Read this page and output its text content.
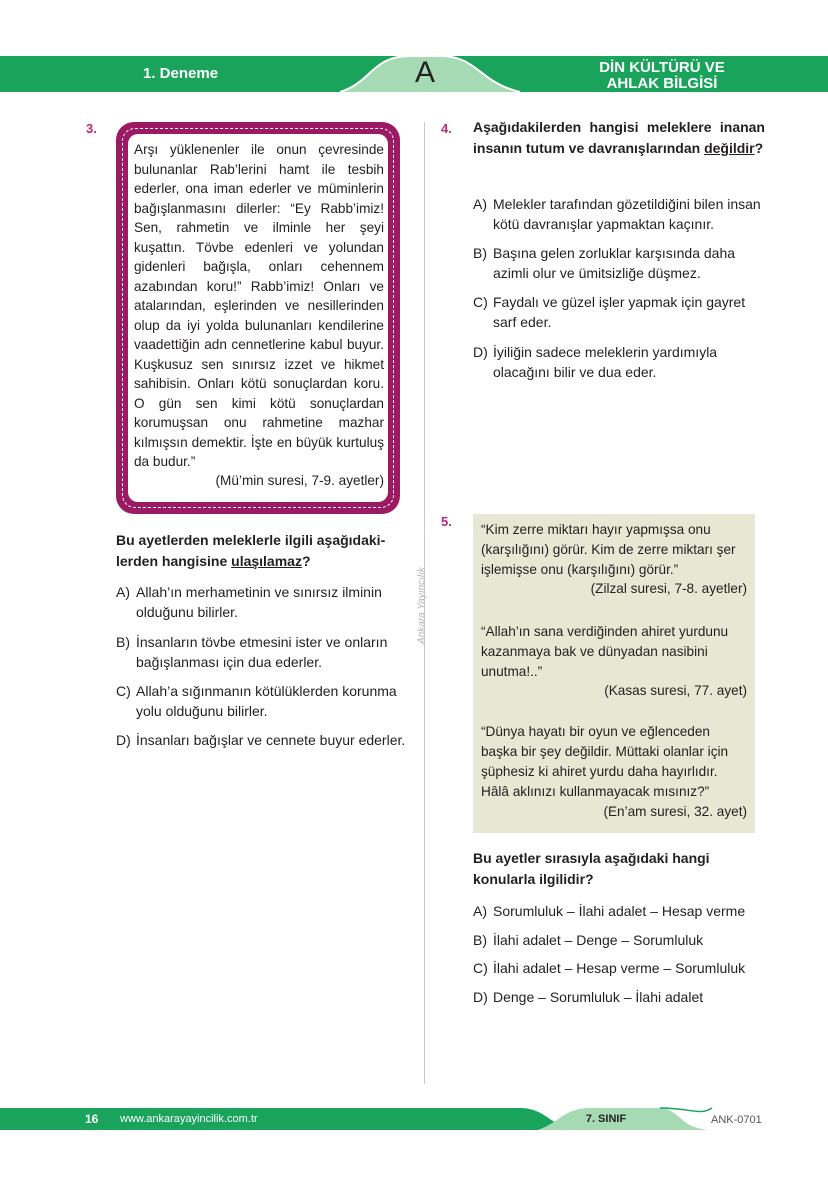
1. Deneme	A	DİN KÜLTÜRÜ VE
AHLAK BİLGİSİ
3.
Arşı yüklenenler ile onun çevresinde bulunanlar Rab’lerini hamt ile tesbih ederler, ona iman ederler ve müminlerin bağışlanmasını dilerler: “Ey Rabb’imiz! Sen, rahmetin ve ilminle her şeyi kuşattın. Tövbe edenleri ve yolundan gidenleri bağışla, onları cehennem azabından koru!” Rabb’imiz! Onları ve atalarından, eşlerinden ve nesillerinden olup da iyi yolda bulunanları kendilerine vaadettiğin adn cennetlerine kabul buyur. Kuşkusuz sen sınırsız izzet ve hikmet sahibisin. Onları kötü sonuçlardan koru. O gün sen kimi kötü sonuçlardan korumuşsan onu rahmetine mazhar kılmışsın demektir. İşte en büyük kurtuluş da budur.”
(Mü’min suresi, 7-9. ayetler)
Bu ayetlerden meleklerle ilgili aşağıdaki-
lerden hangisine ulaşılamaz?
A) Allah’ın merhametinin ve sınırsız ilminin olduğunu bilirler.
B) İnsanların tövbe etmesini ister ve onların bağışlanması için dua ederler.
C) Allah’a sığınmanın kötülüklerden korunma yolu olduğunu bilirler.
D) İnsanları bağışlar ve cennete buyur ederler.
Ankara Yayıncılık
4. Aşağıdakilerden hangisi meleklere inanan insanın tutum ve davranışlarından değildir?
A) Melekler tarafından gözetildiğini bilen insan kötü davranışlar yapmaktan kaçınır.
B) Başına gelen zorluklar karşısında daha azimli olur ve ümitsizliğe düşmez.
C) Faydalı ve güzel işler yapmak için gayret sarf eder.
D) İyiliğin sadece meleklerin yardımıyla olacağını bilir ve dua eder.
5.
“Kim zerre miktarı hayır yapmışsa onu (karşılığını) görür. Kim de zerre miktarı şer işlemişse onu (karşılığını) görür.”
(Zilzal suresi, 7-8. ayetler)
“Allah’ın sana verdiğinden ahiret yurdunu kazanmaya bak ve dünyadan nasibini unutma!..”
(Kasas suresi, 77. ayet)
“Dünya hayatı bir oyun ve eğlenceden başka bir şey değildir. Müttaki olanlar için şüphesiz ki ahiret yurdu daha hayırlıdır. Hâlâ aklınızı kullanmayacak mısınız?”
(En’am suresi, 32. ayet)
Bu ayetler sırasıyla aşağıdaki hangi konularla ilgilidir?
A) Sorumluluk – İlahi adalet – Hesap verme
B) İlahi adalet – Denge – Sorumluluk
C) İlahi adalet – Hesap verme – Sorumluluk
D) Denge – Sorumluluk – İlahi adalet
16 www.ankarayayincilik.com.tr	7. SINIF	ANK-0701
